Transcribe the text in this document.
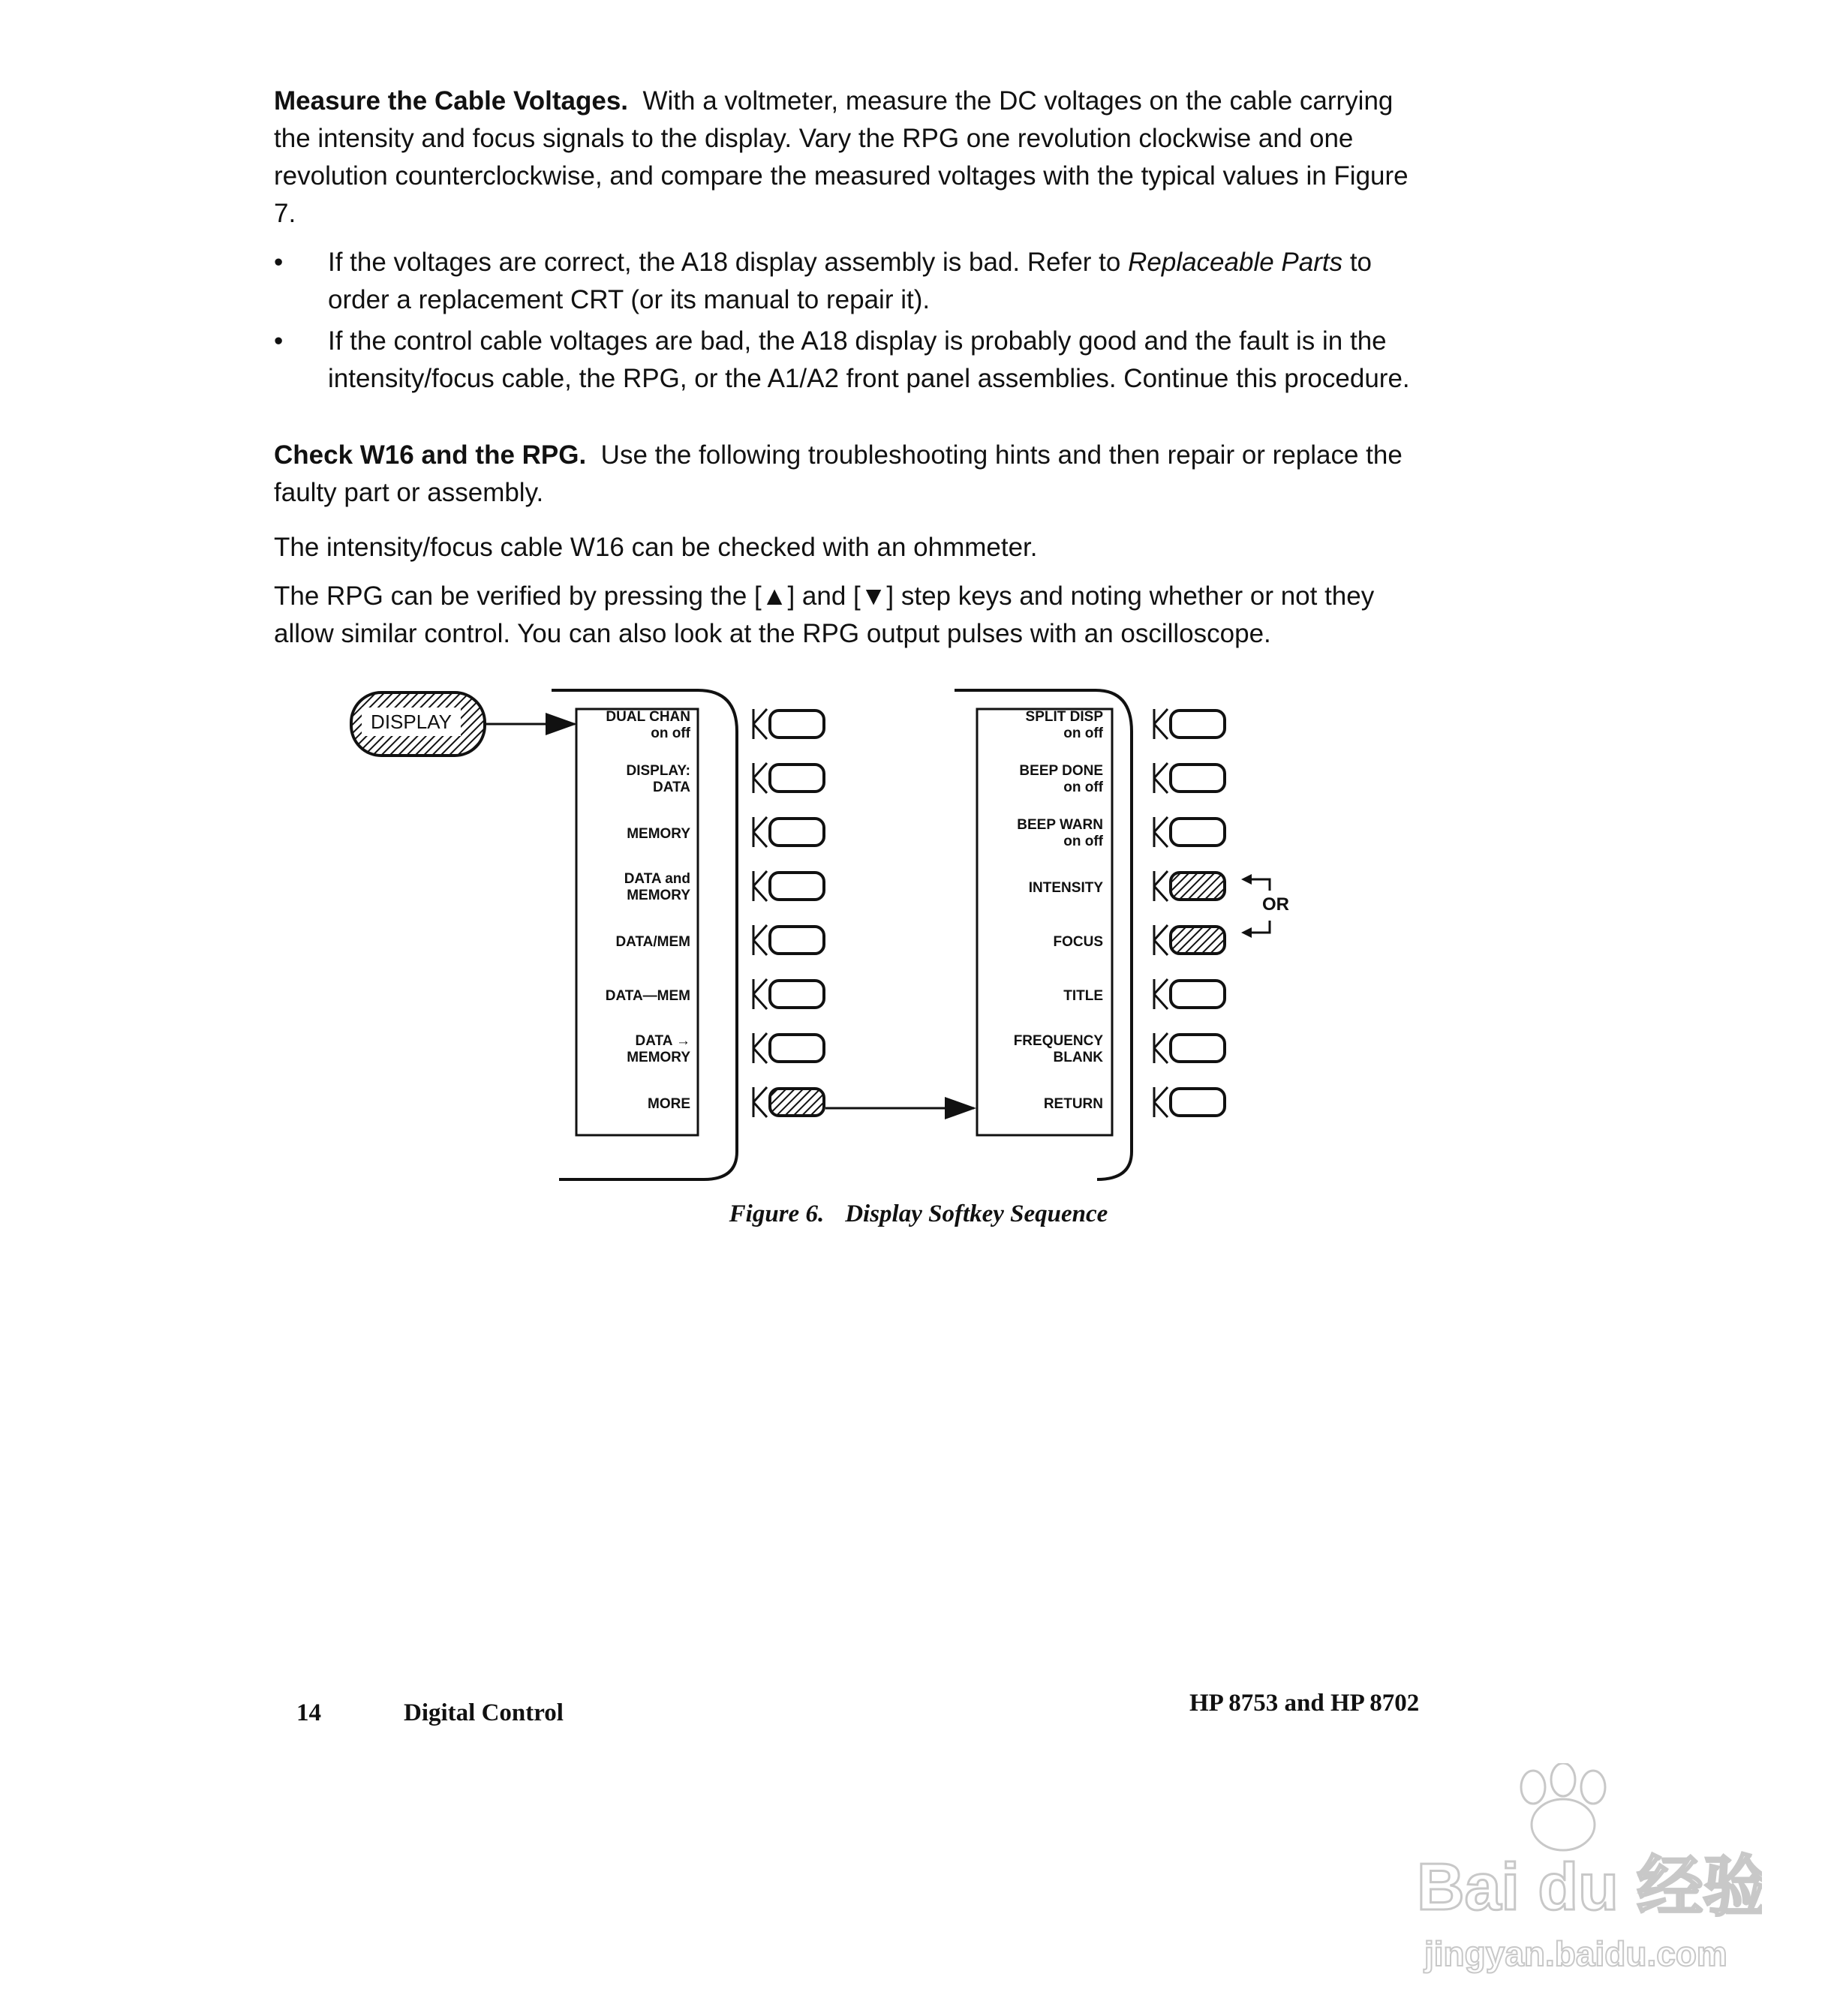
Measure the Cable Voltages. With a voltmeter, measure the DC voltages on the cable carrying the intensity and focus signals to the display. Vary the RPG one revolution clockwise and one revolution counterclockwise, and compare the measured voltages with the typical values in Figure 7.

• If the voltages are correct, the A18 display assembly is bad. Refer to Replaceable Parts to order a replacement CRT (or its manual to repair it).
• If the control cable voltages are bad, the A18 display is probably good and the fault is in the intensity/focus cable, the RPG, or the A1/A2 front panel assemblies. Continue this procedure.

Check W16 and the RPG. Use the following troubleshooting hints and then repair or replace the faulty part or assembly.

The intensity/focus cable W16 can be checked with an ohmmeter.

The RPG can be verified by pressing the [▲] and [▼] step keys and noting whether or not they allow similar control. You can also look at the RPG output pulses with an oscilloscope.

DISPLAY
OR
DUAL CHAN
on off
DISPLAY:
DATA
MEMORY
DATA and
MEMORY
DATA/MEM
DATA—MEM
DATA →
MEMORY
MORE
SPLIT DISP
on off
BEEP DONE
on off
BEEP WARN
on off
INTENSITY
FOCUS
TITLE
FREQUENCY
BLANK
RETURN
Figure 6. Display Softkey Sequence
14	Digital Control	HP 8753 and HP 8702
Bai du 经验
jingyan.baidu.com
